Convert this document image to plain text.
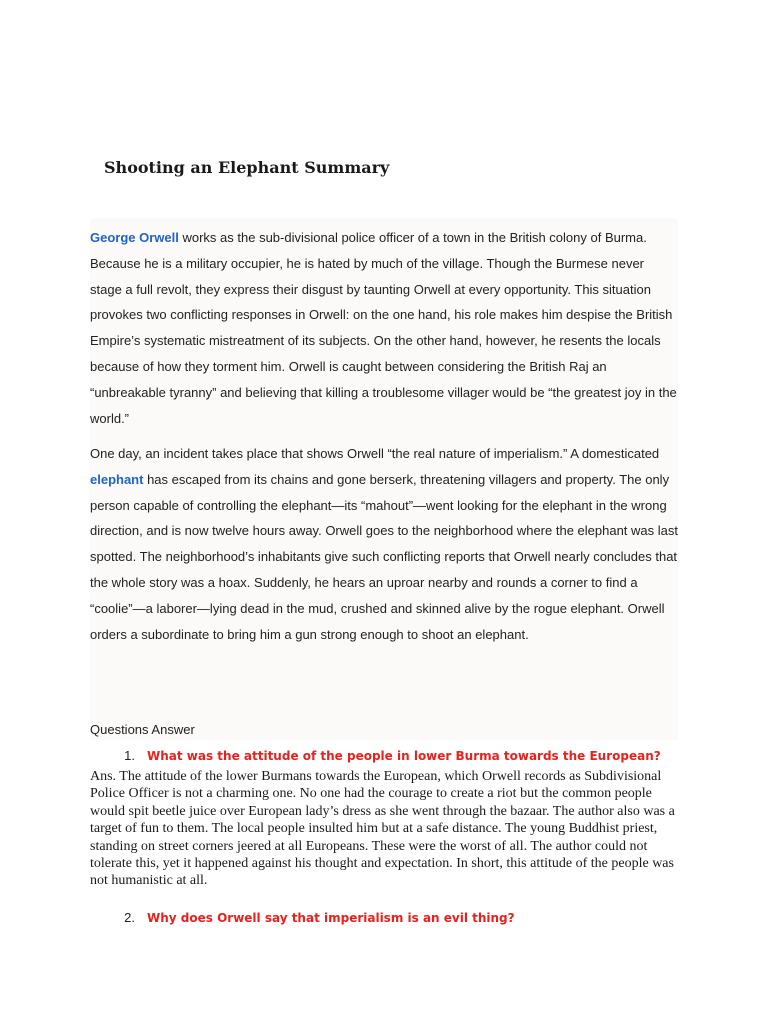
Shooting an Elephant Summary

George Orwell works as the sub-divisional police officer of a town in the British colony of Burma. Because he is a military occupier, he is hated by much of the village. Though the Burmese never stage a full revolt, they express their disgust by taunting Orwell at every opportunity. This situation provokes two conflicting responses in Orwell: on the one hand, his role makes him despise the British Empire’s systematic mistreatment of its subjects. On the other hand, however, he resents the locals because of how they torment him. Orwell is caught between considering the British Raj an “unbreakable tyranny” and believing that killing a troublesome villager would be “the greatest joy in the world.”

One day, an incident takes place that shows Orwell “the real nature of imperialism.” A domesticated elephant has escaped from its chains and gone berserk, threatening villagers and property. The only person capable of controlling the elephant—its “mahout”—went looking for the elephant in the wrong direction, and is now twelve hours away. Orwell goes to the neighborhood where the elephant was last spotted. The neighborhood’s inhabitants give such conflicting reports that Orwell nearly concludes that the whole story was a hoax. Suddenly, he hears an uproar nearby and rounds a corner to find a “coolie”—a laborer—lying dead in the mud, crushed and skinned alive by the rogue elephant. Orwell orders a subordinate to bring him a gun strong enough to shoot an elephant.

Questions Answer
1. What was the attitude of the people in lower Burma towards the European?

Ans. The attitude of the lower Burmans towards the European, which Orwell records as Subdivisional Police Officer is not a charming one. No one had the courage to create a riot but the common people would spit beetle juice over European lady’s dress as she went through the bazaar. The author also was a target of fun to them. The local people insulted him but at a safe distance. The young Buddhist priest, standing on street corners jeered at all Europeans. These were the worst of all. The author could not tolerate this, yet it happened against his thought and expectation. In short, this attitude of the people was not humanistic at all.

2. Why does Orwell say that imperialism is an evil thing?
